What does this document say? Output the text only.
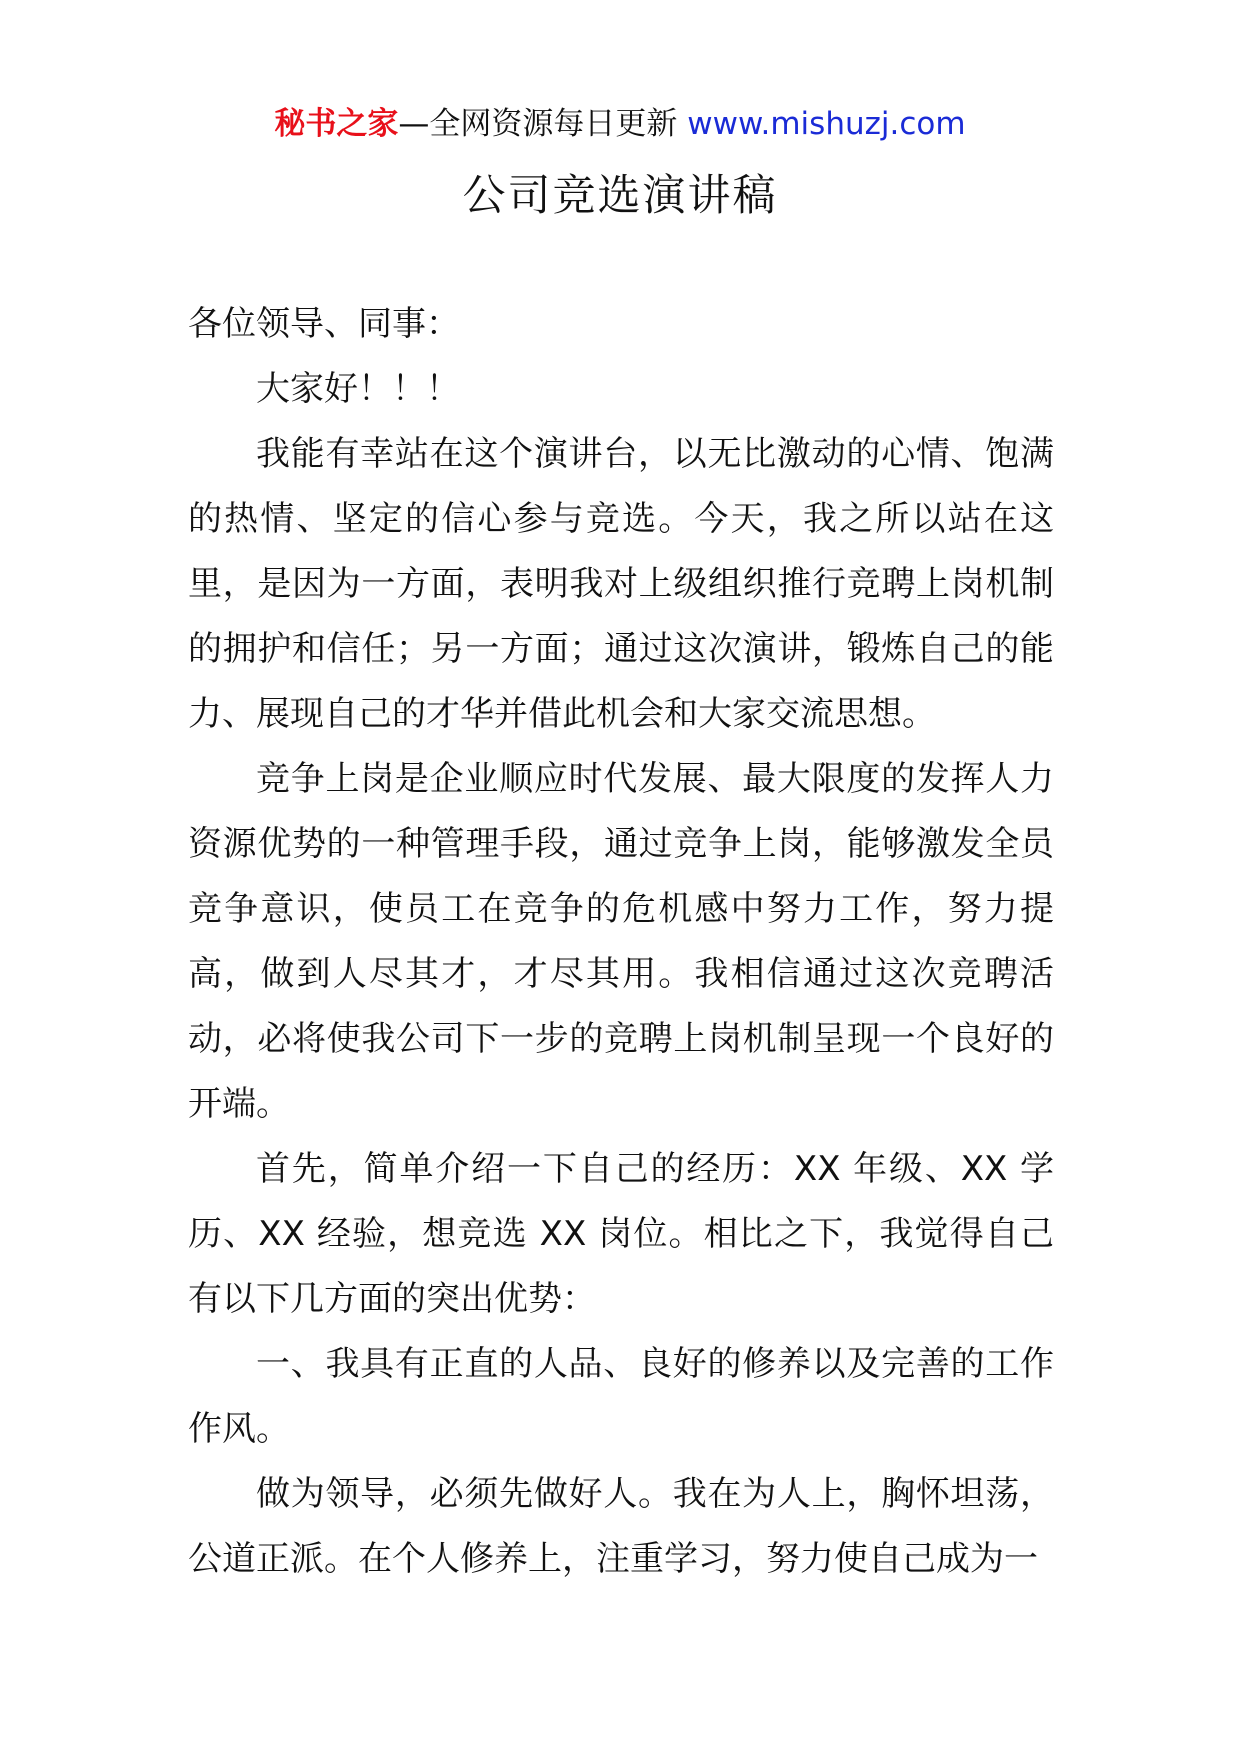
秘书之家—全网资源每日更新 www.mishuzj.com
公司竞选演讲稿

各位领导、同事：

大家好！！！

我能有幸站在这个演讲台，以无比激动的心情、饱满的热情、坚定的信心参与竞选。今天，我之所以站在这里，是因为一方面，表明我对上级组织推行竞聘上岗机制的拥护和信任；另一方面；通过这次演讲，锻炼自己的能力、展现自己的才华并借此机会和大家交流思想。

竞争上岗是企业顺应时代发展、最大限度的发挥人力资源优势的一种管理手段，通过竞争上岗，能够激发全员竞争意识，使员工在竞争的危机感中努力工作，努力提高，做到人尽其才，才尽其用。我相信通过这次竞聘活动，必将使我公司下一步的竞聘上岗机制呈现一个良好的开端。

首先，简单介绍一下自己的经历：XX 年级、XX 学历、XX 经验，想竞选 XX 岗位。相比之下，我觉得自己有以下几方面的突出优势：

一、我具有正直的人品、良好的修养以及完善的工作作风。

做为领导，必须先做好人。我在为人上，胸怀坦荡，公道正派。在个人修养上，注重学习，努力使自己成为一
